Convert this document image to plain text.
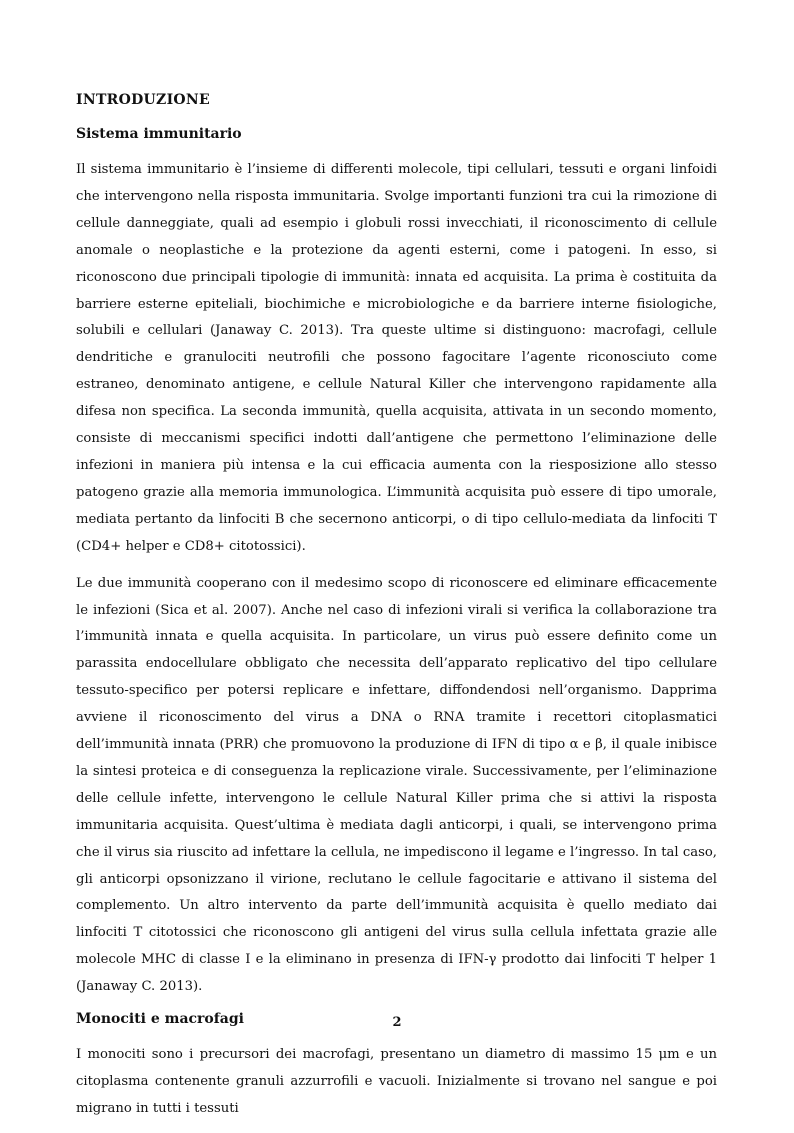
INTRODUZIONE
Sistema immunitario

Il sistema immunitario è l’insieme di differenti molecole, tipi cellulari, tessuti e organi linfoidi che intervengono nella risposta immunitaria. Svolge importanti funzioni tra cui la rimozione di cellule danneggiate, quali ad esempio i globuli rossi invecchiati, il riconoscimento di cellule anomale o neoplastiche e la protezione da agenti esterni, come i patogeni. In esso, si riconoscono due principali tipologie di immunità: innata ed acquisita. La prima è costituita da barriere esterne epiteliali, biochimiche e microbiologiche e da barriere interne fisiologiche, solubili e cellulari (Janaway C. 2013). Tra queste ultime si distinguono: macrofagi, cellule dendritiche e granulociti neutrofili che possono fagocitare l’agente riconosciuto come estraneo, denominato antigene, e cellule Natural Killer che intervengono rapidamente alla difesa non specifica. La seconda immunità, quella acquisita, attivata in un secondo momento, consiste di meccanismi specifici indotti dall’antigene che permettono l’eliminazione delle infezioni in maniera più intensa e la cui efficacia aumenta con la riesposizione allo stesso patogeno grazie alla memoria immunologica. L’immunità acquisita può essere di tipo umorale, mediata pertanto da linfociti B che secernono anticorpi, o di tipo cellulo-mediata da linfociti T (CD4+ helper e CD8+ citotossici).

Le due immunità cooperano con il medesimo scopo di riconoscere ed eliminare efficacemente le infezioni (Sica et al. 2007). Anche nel caso di infezioni virali si verifica la collaborazione tra l’immunità innata e quella acquisita. In particolare, un virus può essere definito come un parassita endocellulare obbligato che necessita dell’apparato replicativo del tipo cellulare tessuto-specifico per potersi replicare e infettare, diffondendosi nell’organismo. Dapprima avviene il riconoscimento del virus a DNA o RNA tramite i recettori citoplasmatici dell’immunità innata (PRR) che promuovono la produzione di IFN di tipo α e β, il quale inibisce la sintesi proteica e di conseguenza la replicazione virale. Successivamente, per l’eliminazione delle cellule infette, intervengono le cellule Natural Killer prima che si attivi la risposta immunitaria acquisita. Quest’ultima è mediata dagli anticorpi, i quali, se intervengono prima che il virus sia riuscito ad infettare la cellula, ne impediscono il legame e l’ingresso. In tal caso, gli anticorpi opsonizzano il virione, reclutano le cellule fagocitarie e attivano il sistema del complemento. Un altro intervento da parte dell’immunità acquisita è quello mediato dai linfociti T citotossici che riconoscono gli antigeni del virus sulla cellula infettata grazie alle molecole MHC di classe I e la eliminano in presenza di IFN-γ prodotto dai linfociti T helper 1 (Janaway C. 2013).

Monociti e macrofagi

I monociti sono i precursori dei macrofagi, presentano un diametro di massimo 15 μm e un citoplasma contenente granuli azzurrofili e vacuoli. Inizialmente si trovano nel sangue e poi migrano in tutti i tessuti

2
